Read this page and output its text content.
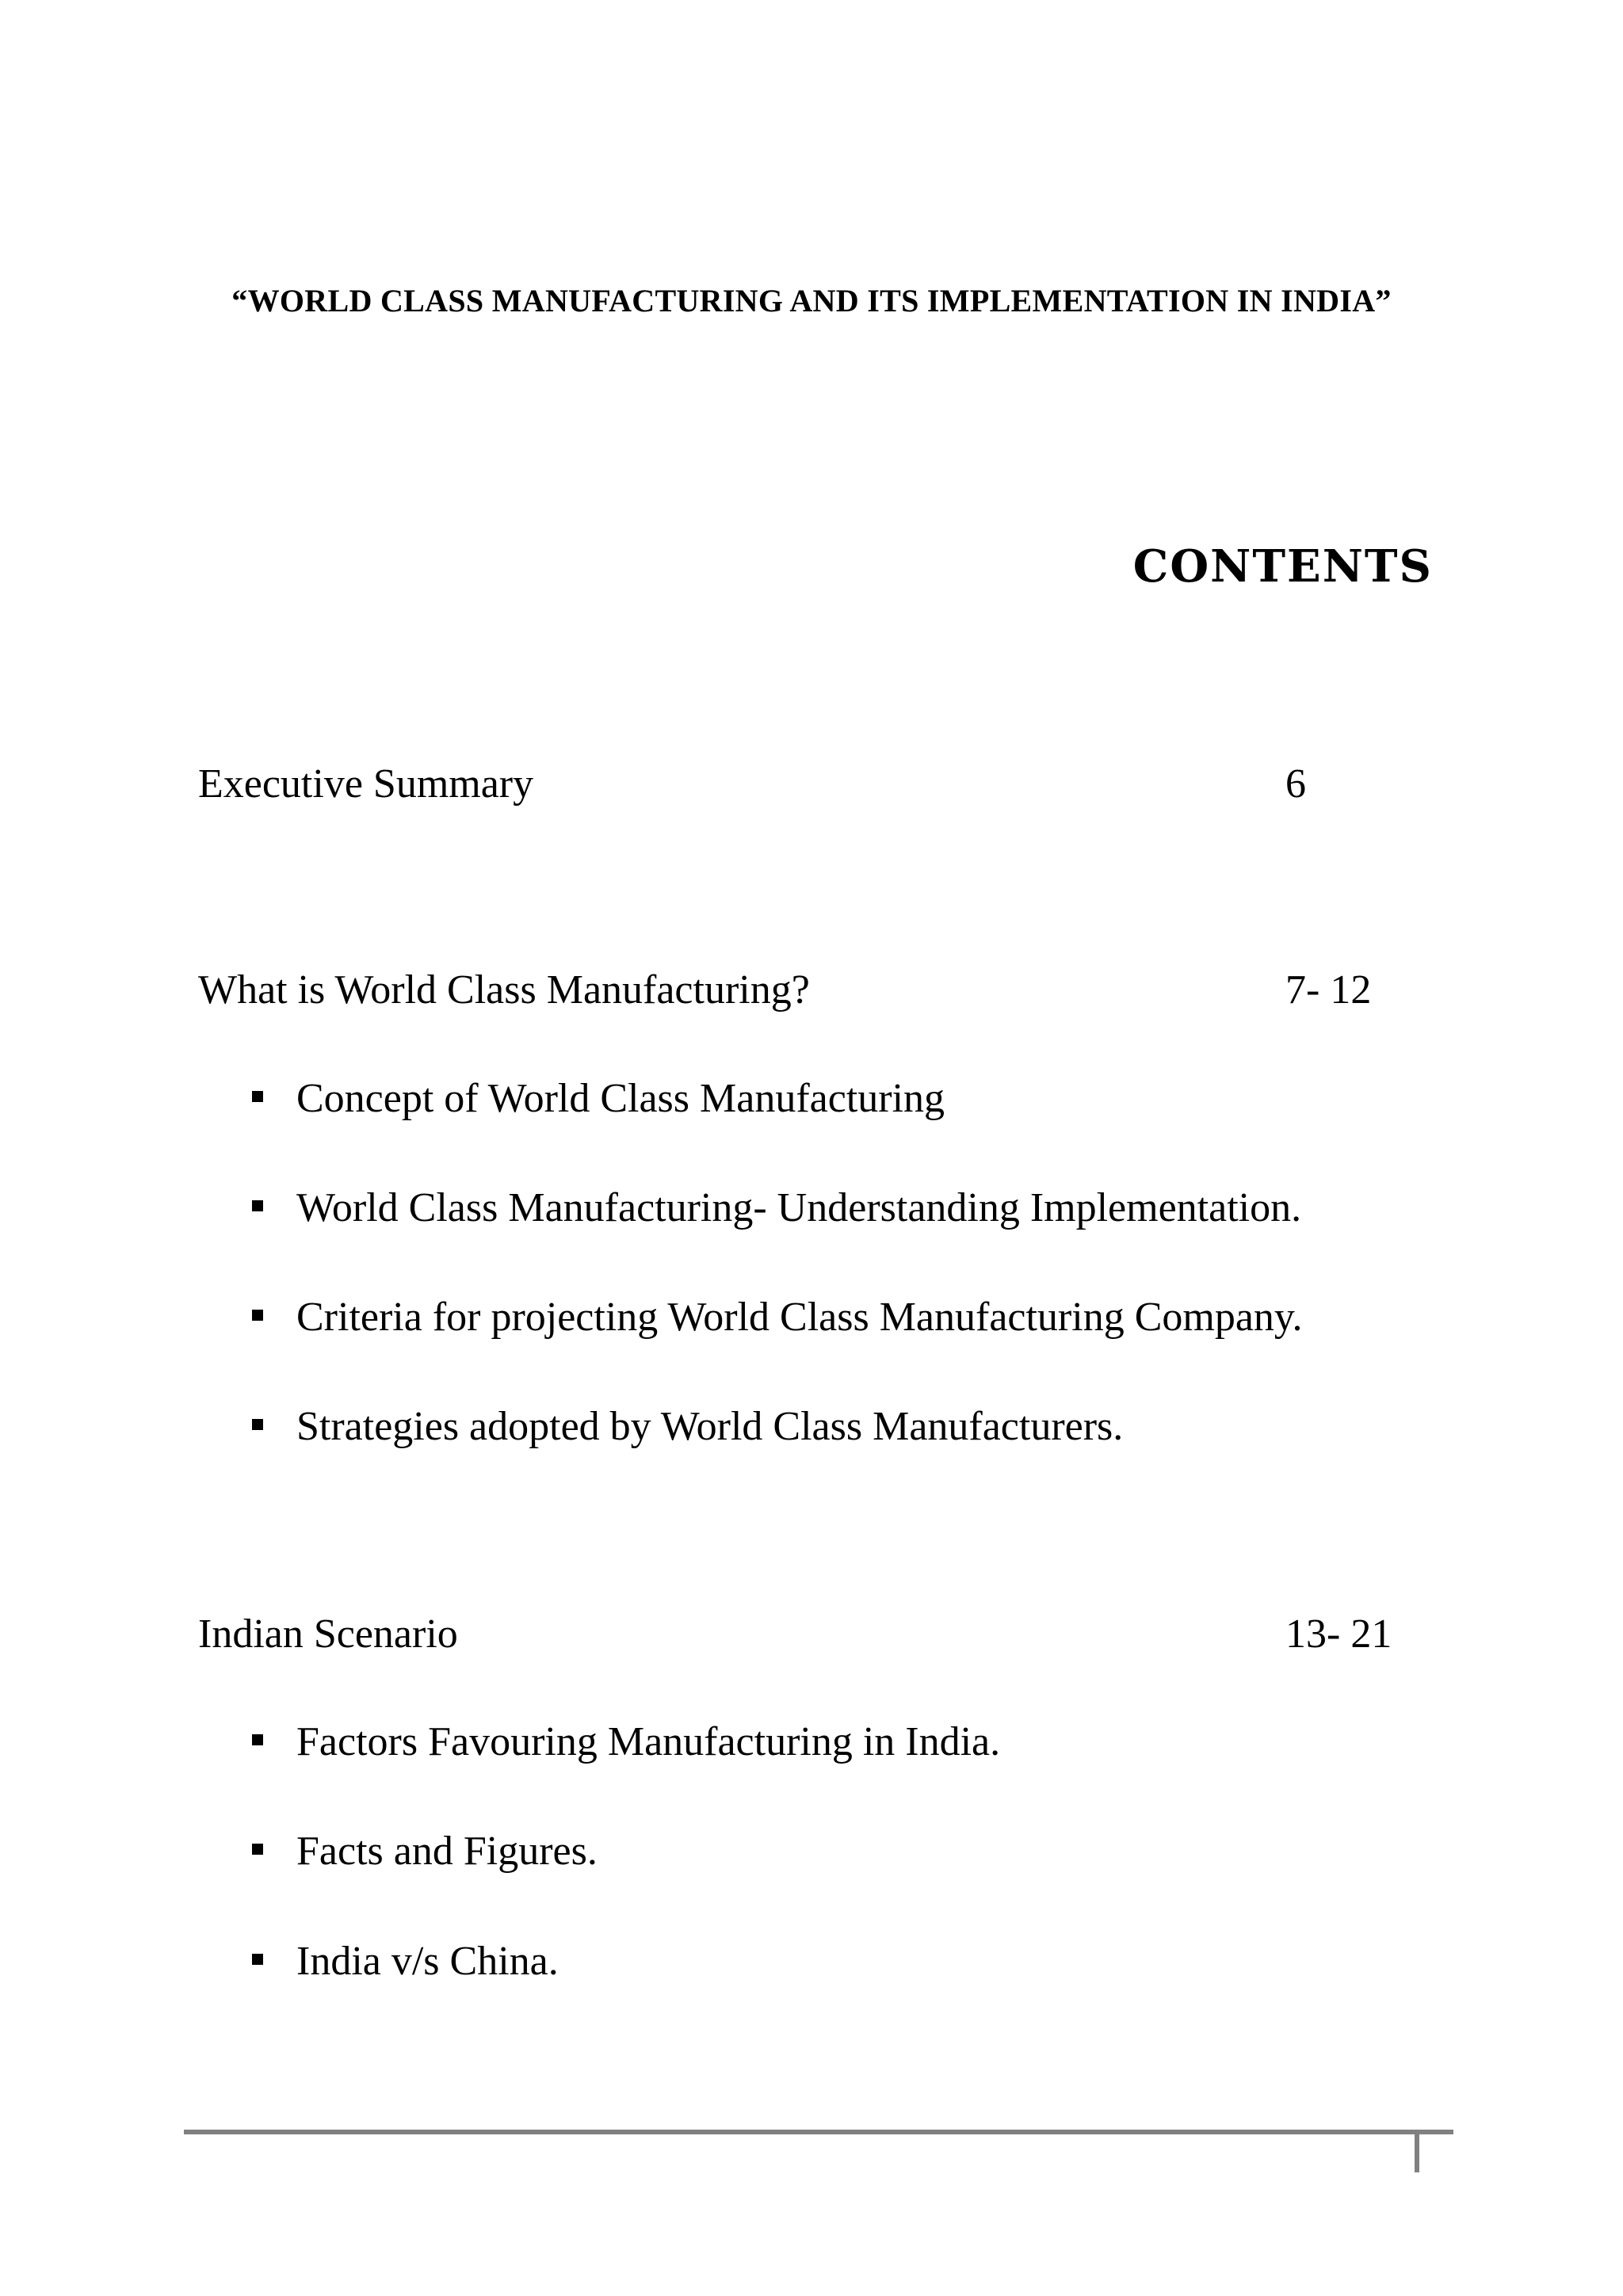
“WORLD CLASS MANUFACTURING AND ITS IMPLEMENTATION IN INDIA”
CONTENTS
Executive Summary	6
What is World Class Manufacturing?	7- 12
Concept of World Class Manufacturing
World Class Manufacturing- Understanding Implementation.
Criteria for projecting World Class Manufacturing Company.
Strategies adopted by World Class Manufacturers.
Indian Scenario	13- 21
Factors Favouring Manufacturing in India.
Facts and Figures.
India v/s China.
